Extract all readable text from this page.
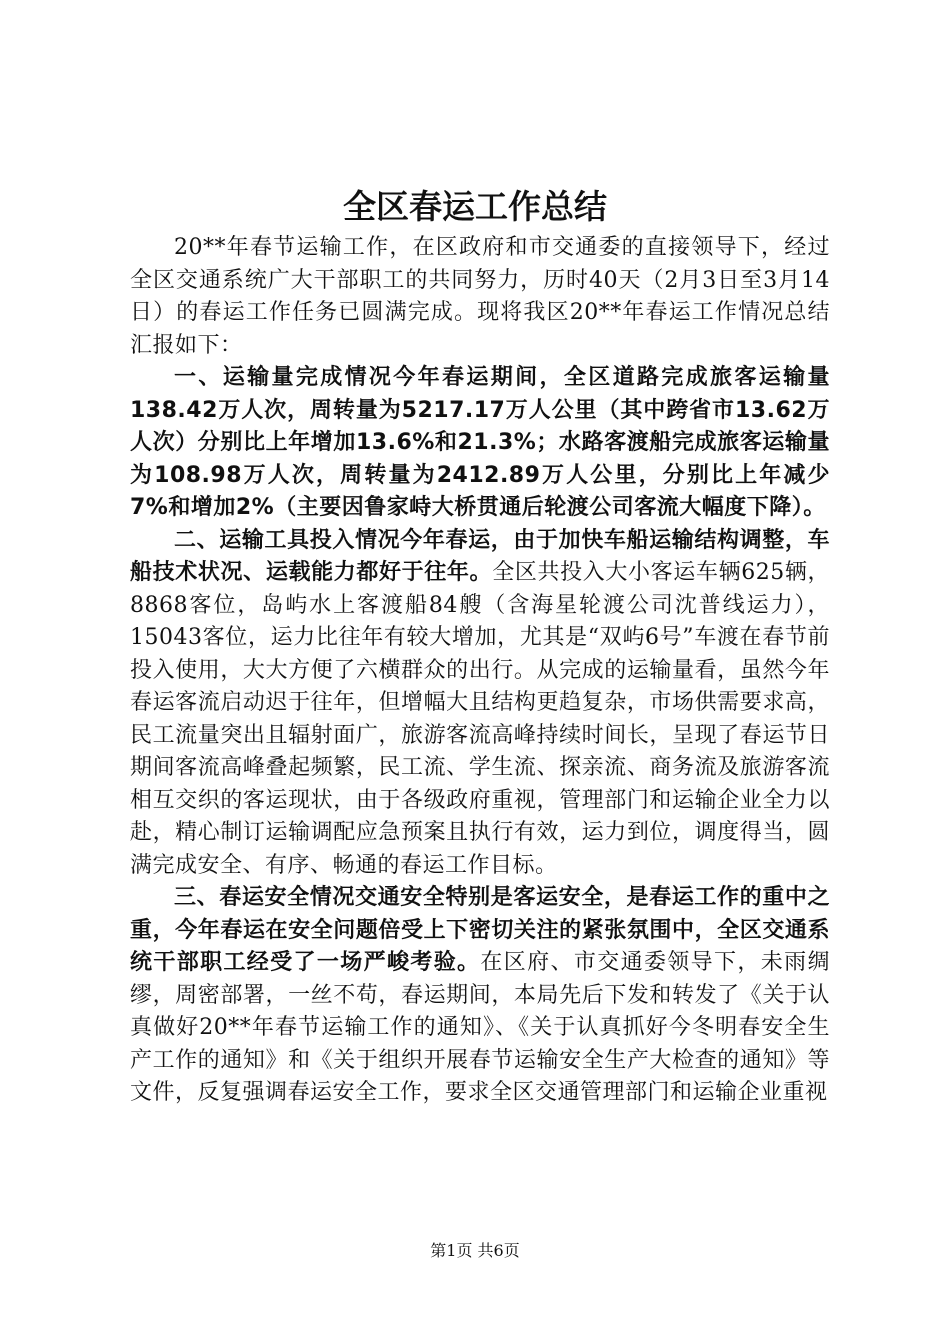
全区春运工作总结

20**年春节运输工作，在区政府和市交通委的直接领导下，经过全区交通系统广大干部职工的共同努力，历时40天（2月3日至3月14日）的春运工作任务已圆满完成。现将我区20**年春运工作情况总结汇报如下：

一、运输量完成情况今年春运期间，全区道路完成旅客运输量138.42万人次，周转量为5217.17万人公里（其中跨省市13.62万人次）分别比上年增加13.6%和21.3%；水路客渡船完成旅客运输量为108.98万人次，周转量为2412.89万人公里，分别比上年减少7%和增加2%（主要因鲁家峙大桥贯通后轮渡公司客流大幅度下降）。

二、运输工具投入情况今年春运，由于加快车船运输结构调整，车船技术状况、运载能力都好于往年。全区共投入大小客运车辆625辆，8868客位，岛屿水上客渡船84艘（含海星轮渡公司沈普线运力），15043客位，运力比往年有较大增加，尤其是“双屿6号”车渡在春节前投入使用，大大方便了六横群众的出行。从完成的运输量看，虽然今年春运客流启动迟于往年，但增幅大且结构更趋复杂，市场供需要求高，民工流量突出且辐射面广，旅游客流高峰持续时间长，呈现了春运节日期间客流高峰叠起频繁，民工流、学生流、探亲流、商务流及旅游客流相互交织的客运现状，由于各级政府重视，管理部门和运输企业全力以赴，精心制订运输调配应急预案且执行有效，运力到位，调度得当，圆满完成安全、有序、畅通的春运工作目标。

三、春运安全情况交通安全特别是客运安全，是春运工作的重中之重，今年春运在安全问题倍受上下密切关注的紧张氛围中，全区交通系统干部职工经受了一场严峻考验。在区府、市交通委领导下，未雨绸缪，周密部署，一丝不苟，春运期间，本局先后下发和转发了《关于认真做好20**年春节运输工作的通知》、《关于认真抓好今冬明春安全生产工作的通知》和《关于组织开展春节运输安全生产大检查的通知》等文件，反复强调春运安全工作，要求全区交通管理部门和运输企业重视

第1页 共6页
